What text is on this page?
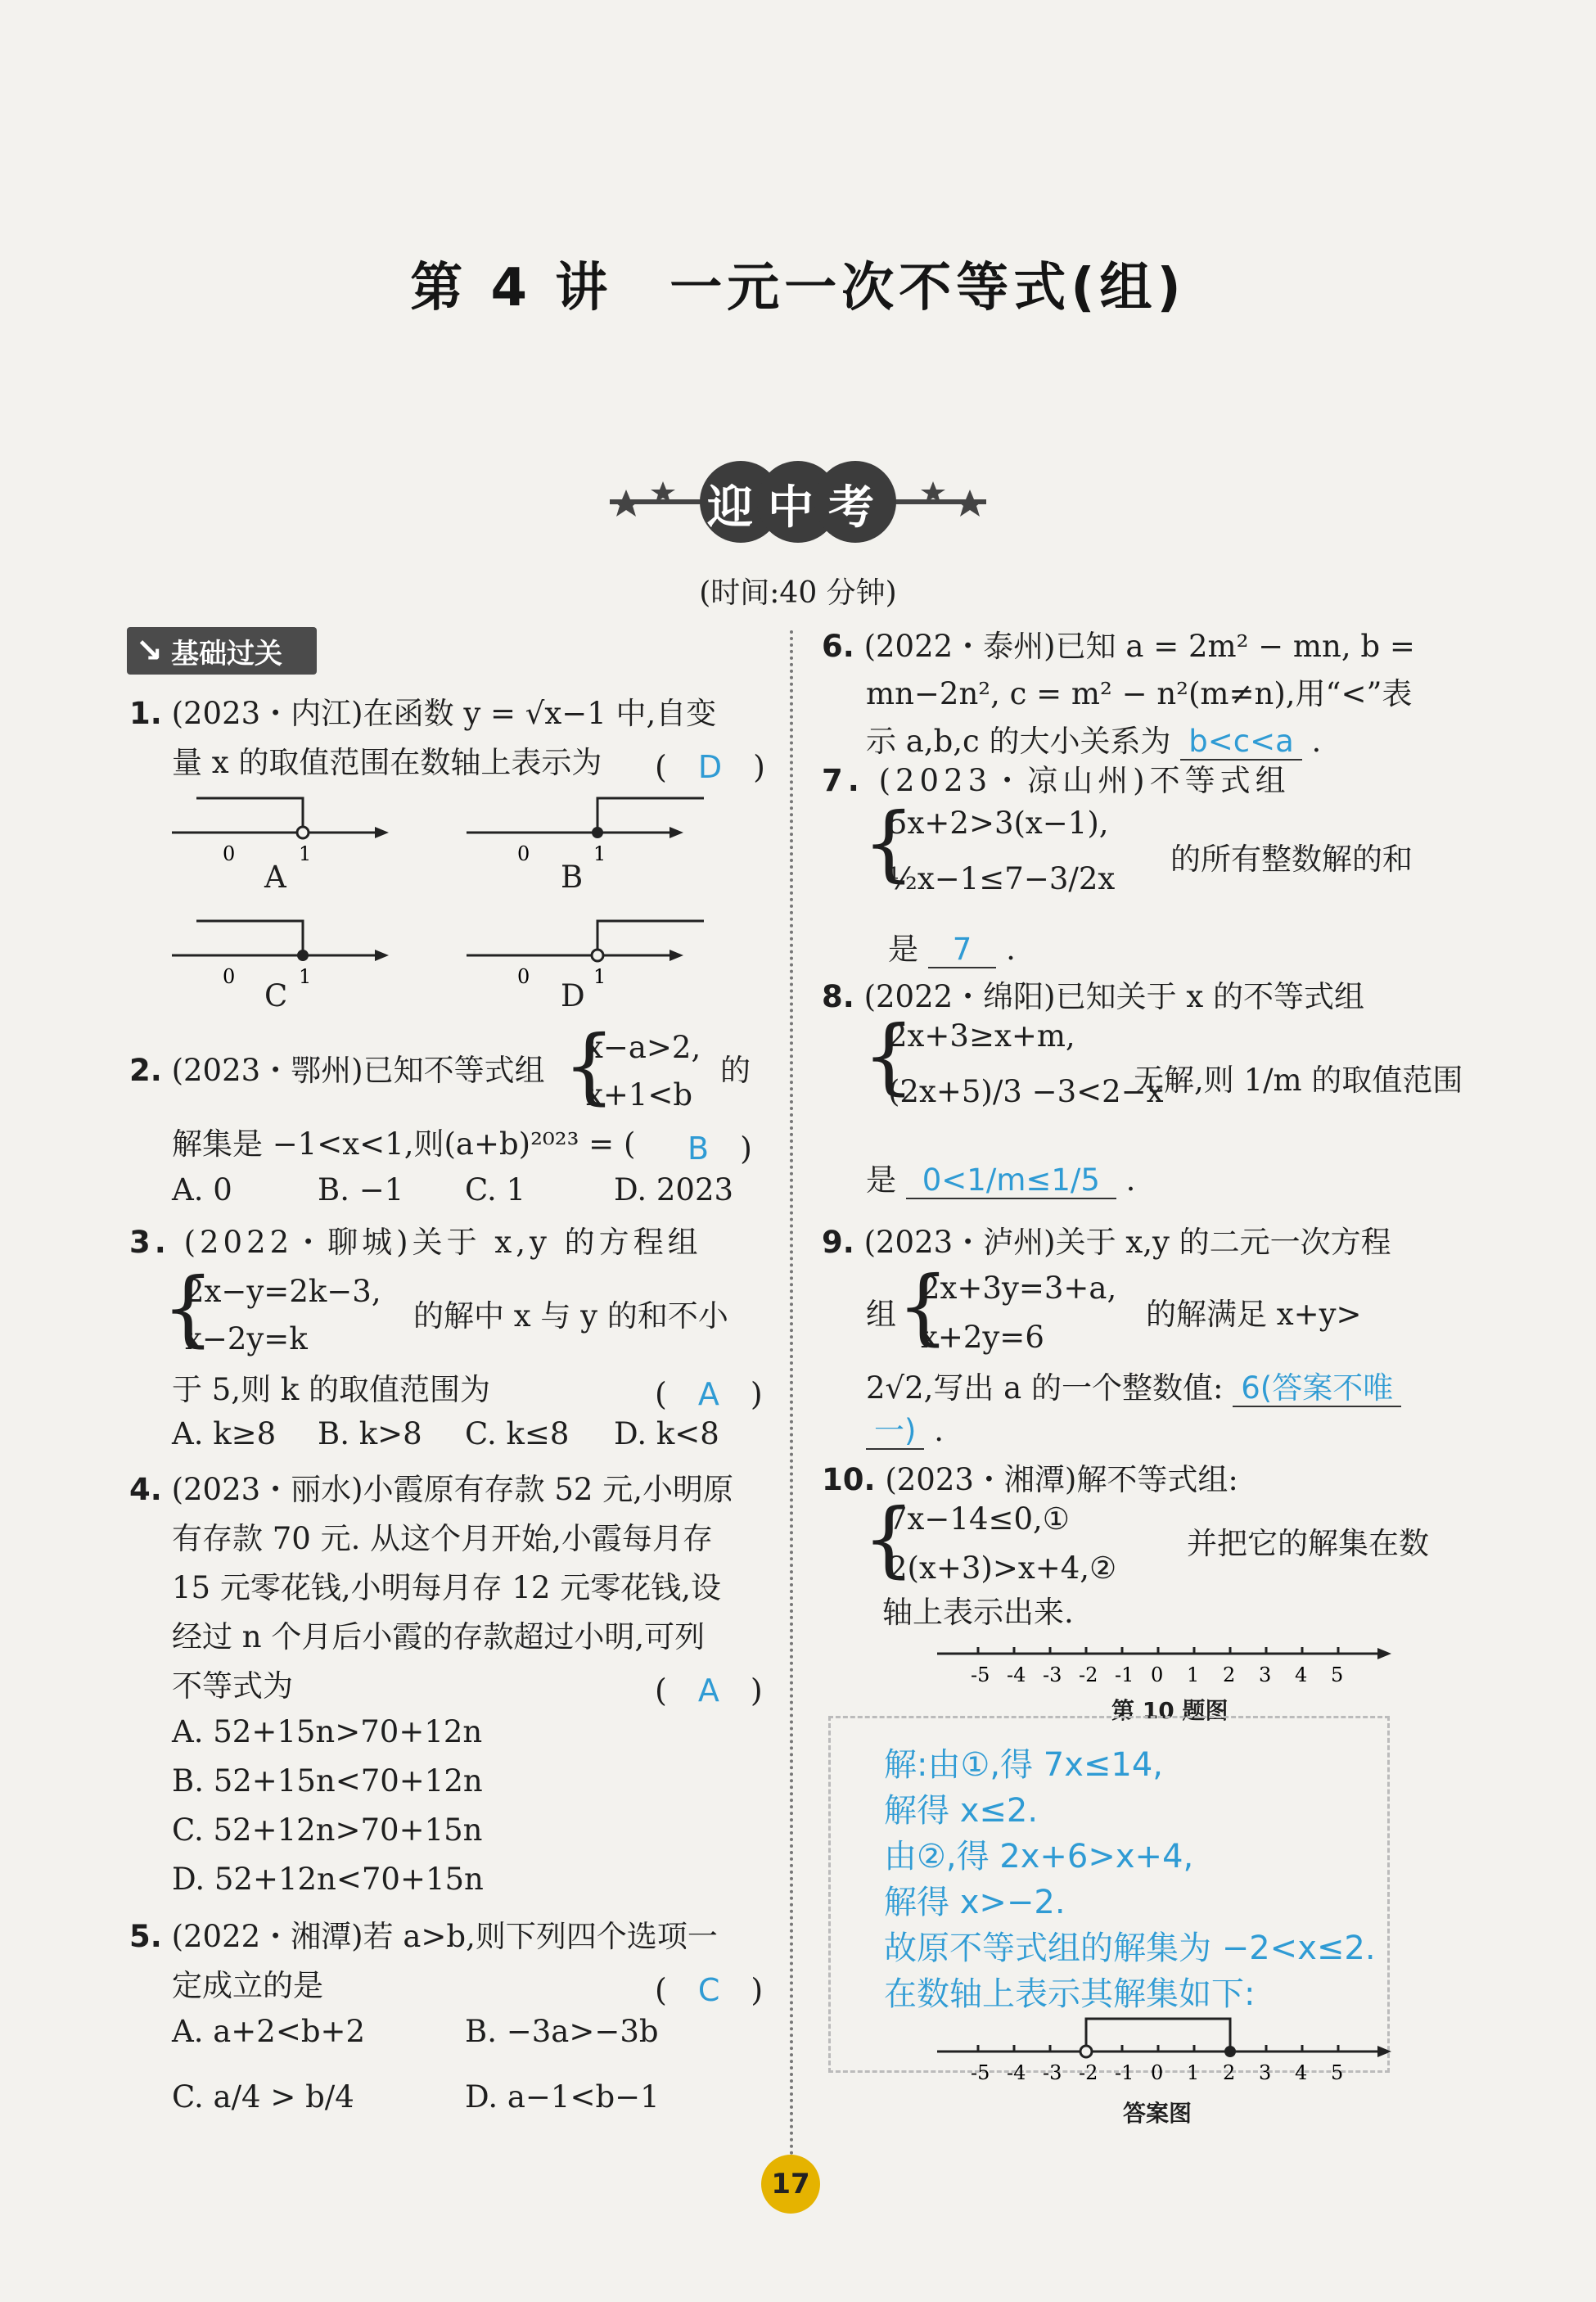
第 4 讲　一元一次不等式(组)
迎中考
(时间:40 分钟)
↘ 基础过关
1. (2023・内江)在函数 y = √x−1 中,自变
量 x 的取值范围在数轴上表示为 (　D　)
0	1
A
0	1
B
0	1
C
0	1
D
2. (2023・鄂州)已知不等式组 {
x−a>2,
x+1<b
的
解集是 −1<x<1,则(a+b)²⁰²³ = ( B　)
A. 0	B. −1 C. 1	D. 2023
3. (2022・聊城)关于 x,y 的方程组
{
2x−y=2k−3,
x−2y=k
的解中 x 与 y 的和不小
于 5,则 k 的取值范围为	(　A　)
A. k≥8 B. k>8 C. k≤8 D. k<8
4. (2023・丽水)小霞原有存款 52 元,小明原
有存款 70 元. 从这个月开始,小霞每月存
15 元零花钱,小明每月存 12 元零花钱,设
经过 n 个月后小霞的存款超过小明,可列
不等式为	(　A　)
A. 52+15n>70+12n
B. 52+15n<70+12n
C. 52+12n>70+15n
D. 52+12n<70+15n
5. (2022・湘潭)若 a>b,则下列四个选项一
定成立的是	(　C　)
A. a+2<b+2	B. −3a>−3b
C. a/4 > b/4	D. a−1<b−1
6. (2022・泰州)已知 a = 2m² − mn, b =
mn−2n², c = m² − n²(m≠n),用“<”表
示 a,b,c 的大小关系为 b<c<a .
7. (2023・凉山州)不等式组
{
5x+2>3(x−1),
½x−1≤7−3/2x
的所有整数解的和
是 7 .
8. (2022・绵阳)已知关于 x 的不等式组
{
2x+3≥x+m,
(2x+5)/3 −3<2−x
无解,则 1/m 的取值范围
是 0<1/m≤1/5 .
9. (2023・泸州)关于 x,y 的二元一次方程
组 {
2x+3y=3+a,
x+2y=6
的解满足 x+y>
2√2,写出 a 的一个整数值: 6(答案不唯
一) .
10. (2023・湘潭)解不等式组:
{
7x−14≤0,①
2(x+3)>x+4,②
并把它的解集在数
轴上表示出来.
-5 -4 -3 -2 -1 0 1 2 3 4 5
第 10 题图
解:由①,得 7x≤14,
解得 x≤2.
由②,得 2x+6>x+4,
解得 x>−2.
故原不等式组的解集为 −2<x≤2.
在数轴上表示其解集如下:
-5 -4 -3 -2 -1 0 1 2 3 4 5
答案图
17
